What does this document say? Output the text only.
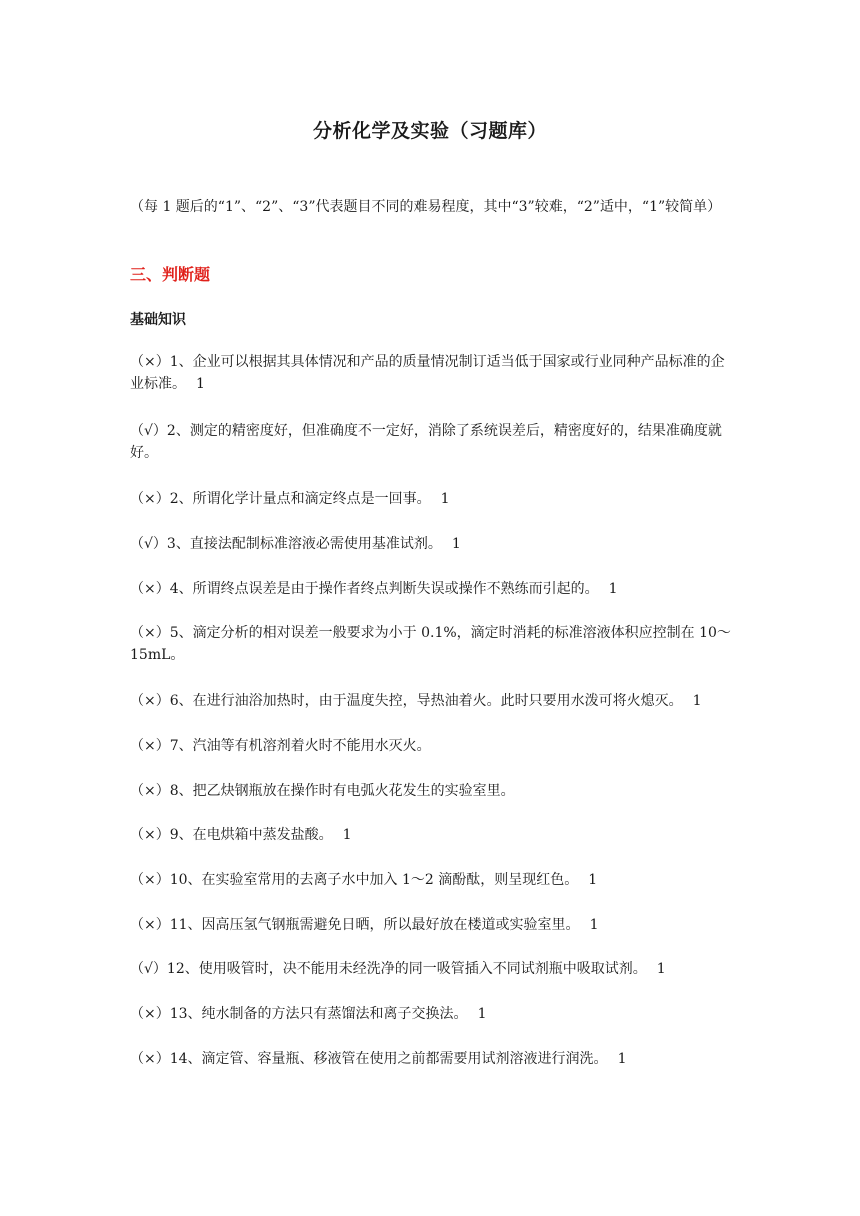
分析化学及实验（习题库）

（每 1 题后的“1”、“2”、“3”代表题目不同的难易程度，其中“3”较难，“2”适中，“1”较简单）

三、判断题
基础知识

（×）1、企业可以根据其具体情况和产品的质量情况制订适当低于国家或行业同种产品标准的企业标准。 1

（√）2、测定的精密度好，但准确度不一定好，消除了系统误差后，精密度好的，结果准确度就好。

（×）2、所谓化学计量点和滴定终点是一回事。 1

（√）3、直接法配制标准溶液必需使用基准试剂。 1

（×）4、所谓终点误差是由于操作者终点判断失误或操作不熟练而引起的。 1

（×）5、滴定分析的相对误差一般要求为小于 0.1%，滴定时消耗的标准溶液体积应控制在 10～15mL。

（×）6、在进行油浴加热时，由于温度失控，导热油着火。此时只要用水泼可将火熄灭。 1

（×）7、汽油等有机溶剂着火时不能用水灭火。

（×）8、把乙炔钢瓶放在操作时有电弧火花发生的实验室里。

（×）9、在电烘箱中蒸发盐酸。 1

（×）10、在实验室常用的去离子水中加入 1～2 滴酚酞，则呈现红色。 1

（×）11、因高压氢气钢瓶需避免日晒，所以最好放在楼道或实验室里。 1

（√）12、使用吸管时，决不能用未经洗净的同一吸管插入不同试剂瓶中吸取试剂。 1

（×）13、纯水制备的方法只有蒸馏法和离子交换法。 1

（×）14、滴定管、容量瓶、移液管在使用之前都需要用试剂溶液进行润洗。 1
